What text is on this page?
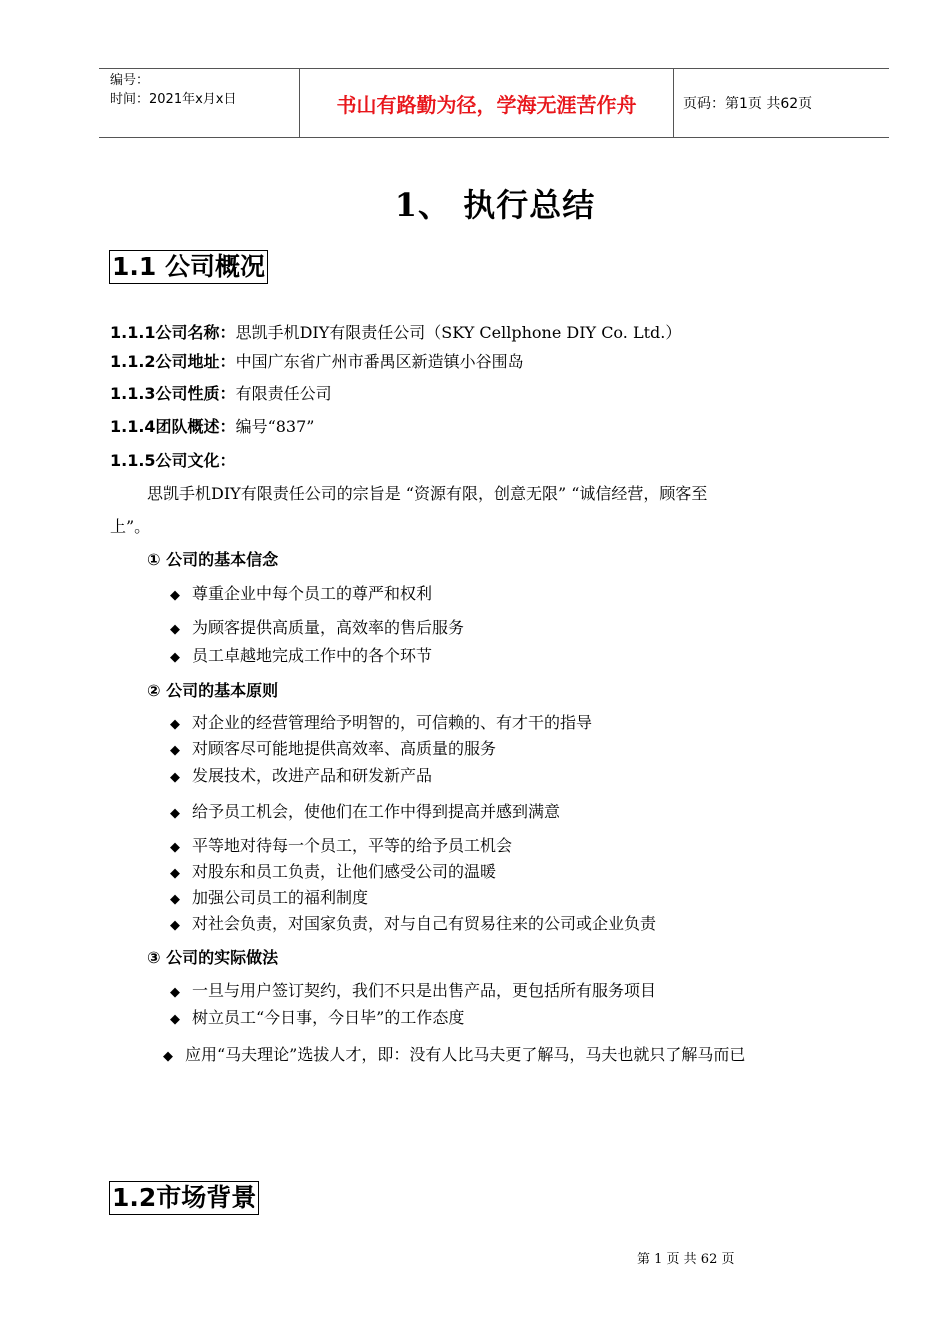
编号：
时间：2021年x月x日	书山有路勤为径，学海无涯苦作舟	页码：第1页 共62页
1、 执行总结
1.1 公司概况
1.1.1公司名称：思凯手机DIY有限责任公司（SKY Cellphone DIY Co. Ltd.）
1.1.2公司地址：中国广东省广州市番禺区新造镇小谷围岛
1.1.3公司性质：有限责任公司
1.1.4团队概述：编号“837”
1.1.5公司文化：
思凯手机DIY有限责任公司的宗旨是 “资源有限，创意无限” “诚信经营，顾客至
上”。
① 公司的基本信念
◆ 尊重企业中每个员工的尊严和权利
◆ 为顾客提供高质量，高效率的售后服务
◆ 员工卓越地完成工作中的各个环节
② 公司的基本原则
◆ 对企业的经营管理给予明智的，可信赖的、有才干的指导
◆ 对顾客尽可能地提供高效率、高质量的服务
◆ 发展技术，改进产品和研发新产品
◆ 给予员工机会，使他们在工作中得到提高并感到满意
◆ 平等地对待每一个员工，平等的给予员工机会
◆ 对股东和员工负责，让他们感受公司的温暖
◆ 加强公司员工的福利制度
◆ 对社会负责，对国家负责，对与自己有贸易往来的公司或企业负责
③ 公司的实际做法
◆ 一旦与用户签订契约，我们不只是出售产品，更包括所有服务项目
◆ 树立员工“今日事，今日毕”的工作态度
◆ 应用“马夫理论”选拔人才，即：没有人比马夫更了解马，马夫也就只了解马而已
1.2市场背景
第 1 页 共 62 页
